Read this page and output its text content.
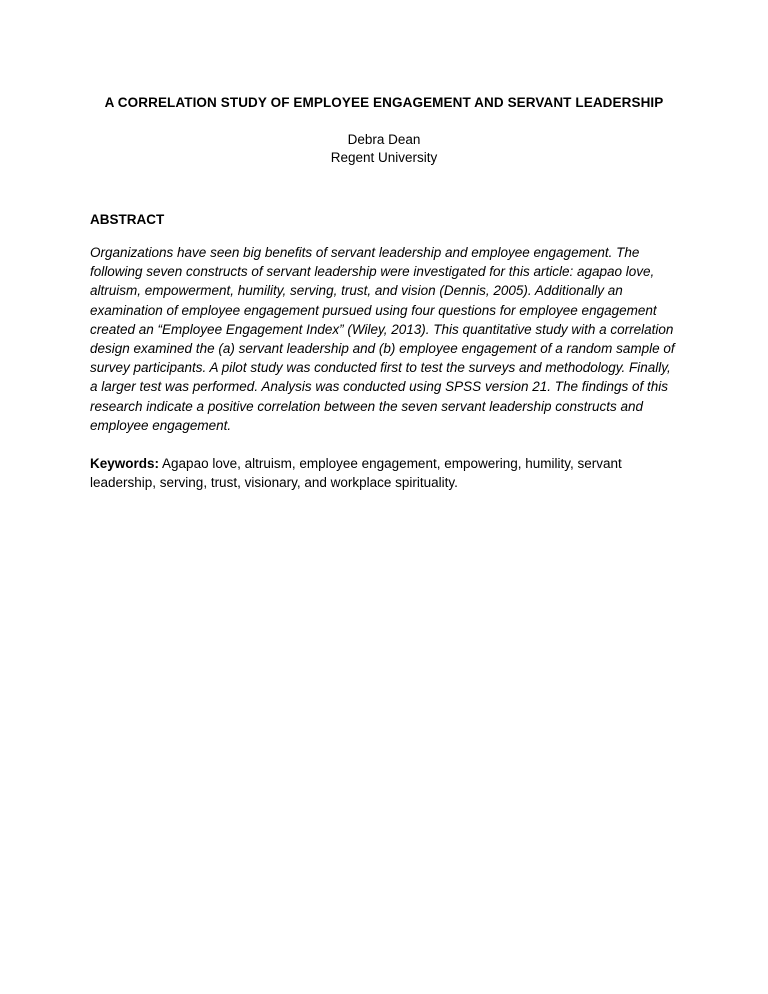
A CORRELATION STUDY OF EMPLOYEE ENGAGEMENT AND SERVANT LEADERSHIP
Debra Dean
Regent University
ABSTRACT

Organizations have seen big benefits of servant leadership and employee engagement. The following seven constructs of servant leadership were investigated for this article: agapao love, altruism, empowerment, humility, serving, trust, and vision (Dennis, 2005). Additionally an examination of employee engagement pursued using four questions for employee engagement created an “Employee Engagement Index” (Wiley, 2013). This quantitative study with a correlation design examined the (a) servant leadership and (b) employee engagement of a random sample of survey participants. A pilot study was conducted first to test the surveys and methodology. Finally, a larger test was performed. Analysis was conducted using SPSS version 21. The findings of this research indicate a positive correlation between the seven servant leadership constructs and employee engagement.

Keywords: Agapao love, altruism, employee engagement, empowering, humility, servant leadership, serving, trust, visionary, and workplace spirituality.
